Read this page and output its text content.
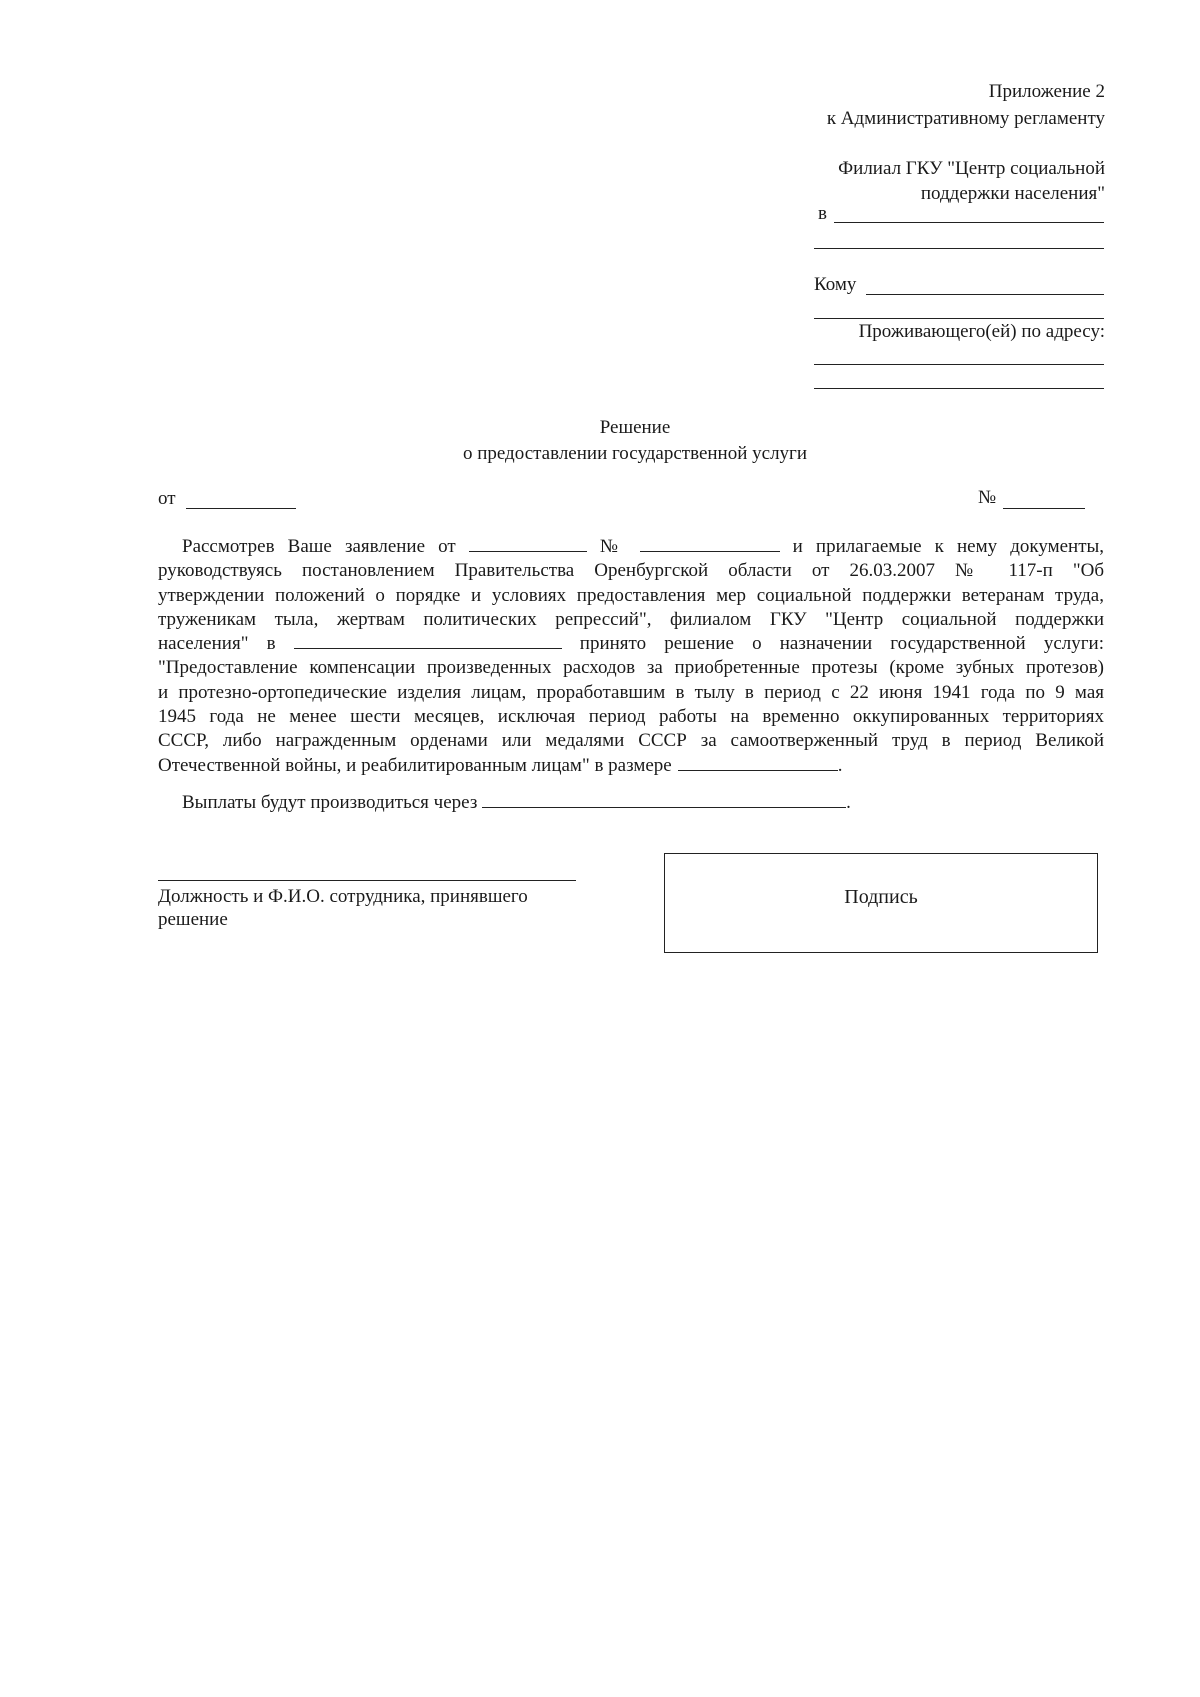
Приложение 2
к Административному регламенту
Филиал ГКУ "Центр социальной
поддержки населения"
в
Кому
Проживающего(ей) по адресу:
Решение
о предоставлении государственной услуги
от	№
Рассмотрев Ваше заявление от	№	и прилагаемые к нему документы,
руководствуясь постановлением Правительства Оренбургской области от 26.03.2007 № 117-п "Об
утверждении положений о порядке и условиях предоставления мер социальной поддержки ветеранам труда,
труженикам тыла, жертвам политических репрессий", филиалом ГКУ "Центр социальной поддержки
населения" в	принято решение о назначении государственной услуги:
"Предоставление компенсации произведенных расходов за приобретенные протезы (кроме зубных протезов)
и протезно-ортопедические изделия лицам, проработавшим в тылу в период с 22 июня 1941 года по 9 мая
1945 года не менее шести месяцев, исключая период работы на временно оккупированных территориях
СССР, либо награжденным орденами или медалями СССР за самоотверженный труд в период Великой
Отечественной войны, и реабилитированным лицам" в размере	.
Выплаты будут производиться через	.
Должность и Ф.И.О. сотрудника, принявшего
решение
Подпись
